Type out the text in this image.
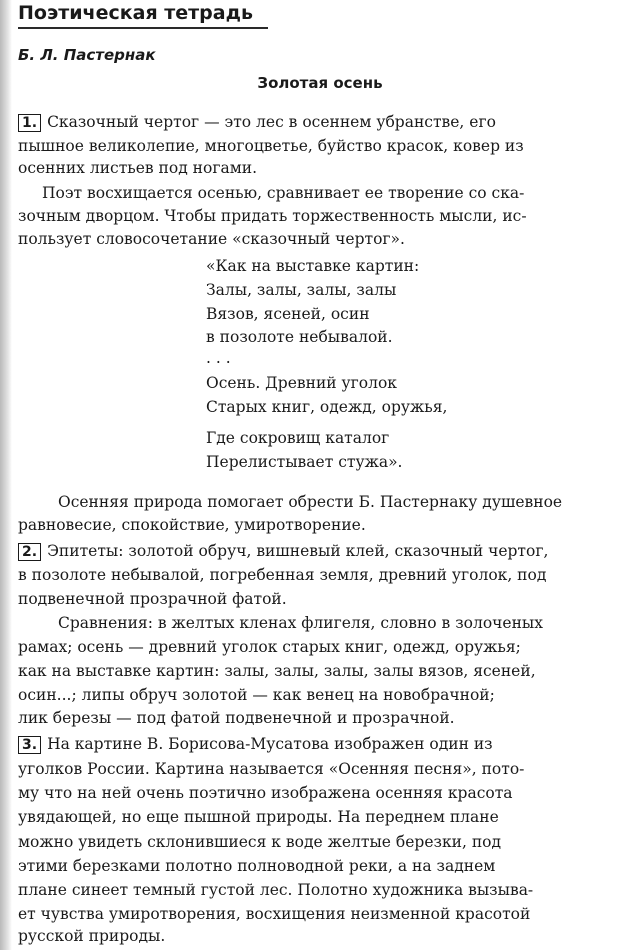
Поэтическая тетрадь
Б. Л. Пастернак
Золотая осень
1. Сказочный чертог — это лес в осеннем убранстве, его
пышное великолепие, многоцветье, буйство красок, ковер из
осенних листьев под ногами.
Поэт восхищается осенью, сравнивает ее творение со ска-
зочным дворцом. Чтобы придать торжественность мысли, ис-
пользует словосочетание «сказочный чертог».
«Как на выставке картин:
Залы, залы, залы, залы
Вязов, ясеней, осин
в позолоте небывалой.
. . .
Осень. Древний уголок
Старых книг, одежд, оружья,
Где сокровищ каталог
Перелистывает стужа».
Осенняя природа помогает обрести Б. Пастернаку душевное
равновесие, спокойствие, умиротворение.
2. Эпитеты: золотой обруч, вишневый клей, сказочный чертог,
в позолоте небывалой, погребенная земля, древний уголок, под
подвенечной прозрачной фатой.
Сравнения: в желтых кленах флигеля, словно в золоченых
рамах; осень — древний уголок старых книг, одежд, оружья;
как на выставке картин: залы, залы, залы, залы вязов, ясеней,
осин...; липы обруч золотой — как венец на новобрачной;
лик березы — под фатой подвенечной и прозрачной.
3. На картине В. Борисова-Мусатова изображен один из
уголков России. Картина называется «Осенняя песня», пото-
му что на ней очень поэтично изображена осенняя красота
увядающей, но еще пышной природы. На переднем плане
можно увидеть склонившиеся к воде желтые березки, под
этими березками полотно полноводной реки, а на заднем
плане синеет темный густой лес. Полотно художника вызыва-
ет чувства умиротворения, восхищения неизменной красотой
русской природы.
